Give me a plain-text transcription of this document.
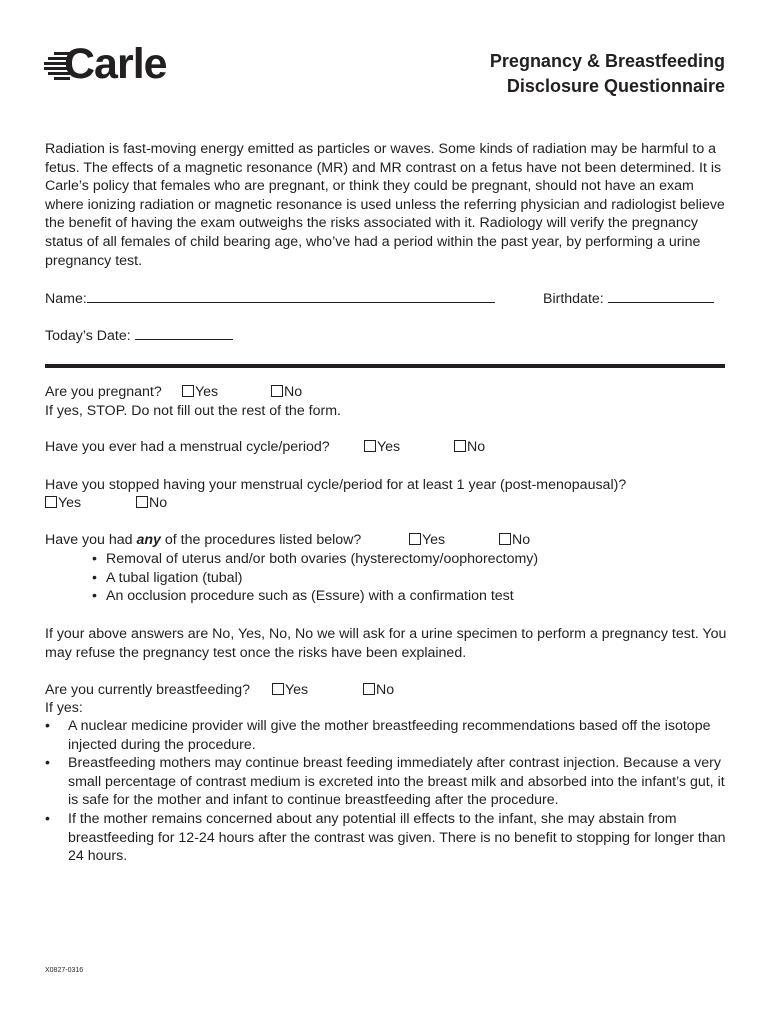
Carle	Pregnancy & Breastfeeding
Disclosure Questionnaire
Radiation is fast-moving energy emitted as particles or waves. Some kinds of radiation may be harmful to a fetus. The effects of a magnetic resonance (MR) and MR contrast on a fetus have not been determined. It is Carle’s policy that females who are pregnant, or think they could be pregnant, should not have an exam where ionizing radiation or magnetic resonance is used unless the referring physician and radiologist believe the benefit of having the exam outweighs the risks associated with it. Radiology will verify the pregnancy status of all females of child bearing age, who’ve had a period within the past year, by performing a urine pregnancy test.
Name:	Birthdate:
Today’s Date:
Are you pregnant?	Yes	No
If yes, STOP. Do not fill out the rest of the form.
Have you ever had a menstrual cycle/period?	Yes	No
Have you stopped having your menstrual cycle/period for at least 1 year (post-menopausal)?
Yes	No
Have you had any of the procedures listed below?	Yes	No
• Removal of uterus and/or both ovaries (hysterectomy/oophorectomy)
• A tubal ligation (tubal)
• An occlusion procedure such as (Essure) with a confirmation test
If your above answers are No, Yes, No, No we will ask for a urine specimen to perform a pregnancy test. You may refuse the pregnancy test once the risks have been explained.
Are you currently breastfeeding?	Yes	No
If yes:
• A nuclear medicine provider will give the mother breastfeeding recommendations based off the isotope injected during the procedure.
• Breastfeeding mothers may continue breast feeding immediately after contrast injection. Because a very small percentage of contrast medium is excreted into the breast milk and absorbed into the infant’s gut, it is safe for the mother and infant to continue breastfeeding after the procedure.
• If the mother remains concerned about any potential ill effects to the infant, she may abstain from breastfeeding for 12-24 hours after the contrast was given. There is no benefit to stopping for longer than 24 hours.
X0827-0316
